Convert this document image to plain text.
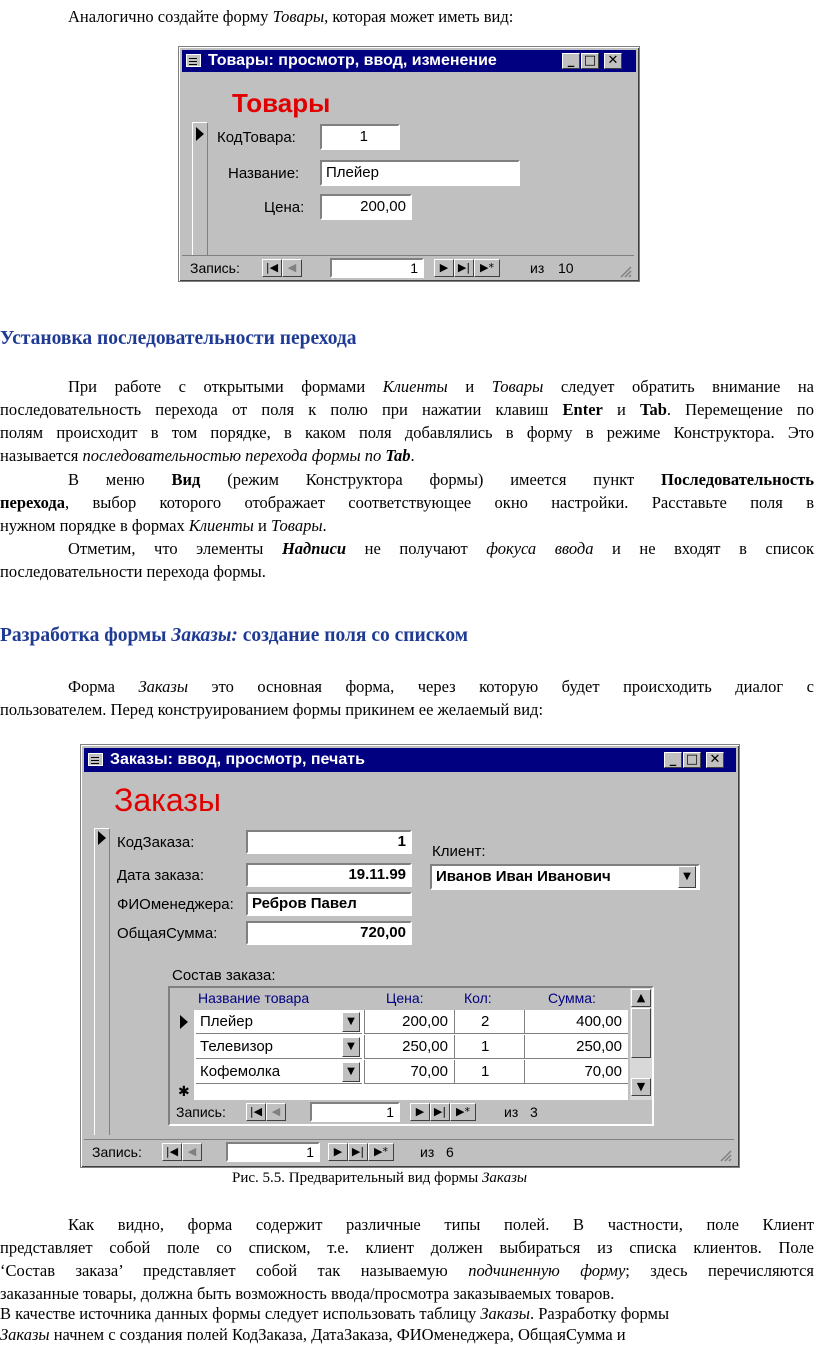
Аналогично создайте форму Товары, которая может иметь вид:
Товары: просмотр, ввод, изменение	_ □ ✕
Товары
КодТовара:	1
Название:	Плейер
Цена:	200,00
Запись:	|◀ ◀	1	▶ ▶| ▶*	из 10
Установка последовательности перехода
При работе с открытыми формами Клиенты и Товары следует обратить внимание на
последовательность перехода от поля к полю при нажатии клавиш Enter и Tab. Перемещение по
полям происходит в том порядке, в каком поля добавлялись в форму в режиме Конструктора. Это
называется последовательностью перехода формы по Tab.
В меню Вид (режим Конструктора формы) имеется пункт Последовательность
перехода, выбор которого отображает соответствующее окно настройки. Расставьте поля в
нужном порядке в формах Клиенты и Товары.
Отметим, что элементы Надписи не получают фокуса ввода и не входят в список
последовательности перехода формы.
Разработка формы Заказы: создание поля со списком
Форма Заказы это основная форма, через которую будет происходить диалог с
пользователем. Перед конструированием формы прикинем ее желаемый вид:
Заказы: ввод, просмотр, печать	_ □ ✕
Заказы
КодЗаказа:	1
Дата заказа:	19.11.99
ФИОменеджера:	Ребров Павел
ОбщаяСумма:	720,00
Клиент:
Иванов Иван Иванович	▼
Состав заказа:
Название товара	Цена:	Кол:	Сумма:
Плейер	▼	200,00	2	400,00
Телевизор	▼	250,00	1	250,00
Кофемолка	▼	70,00	1	70,00
✱
▲
▼
Запись:	|◀ ◀	1	▶ ▶| ▶*	из 3
Запись:	|◀ ◀	1	▶ ▶| ▶*	из 6
Рис. 5.5. Предварительный вид формы Заказы
Как видно, форма содержит различные типы полей. В частности, поле Клиент
представляет собой поле со списком, т.е. клиент должен выбираться из списка клиентов. Поле
‘Состав заказа’ представляет собой так называемую подчиненную форму; здесь перечисляются
заказанные товары, должна быть возможность ввода/просмотра заказываемых товаров.
В качестве источника данных формы следует использовать таблицу Заказы. Разработку формы
Заказы начнем с создания полей КодЗаказа, ДатаЗаказа, ФИОменеджера, ОбщаяСумма и
